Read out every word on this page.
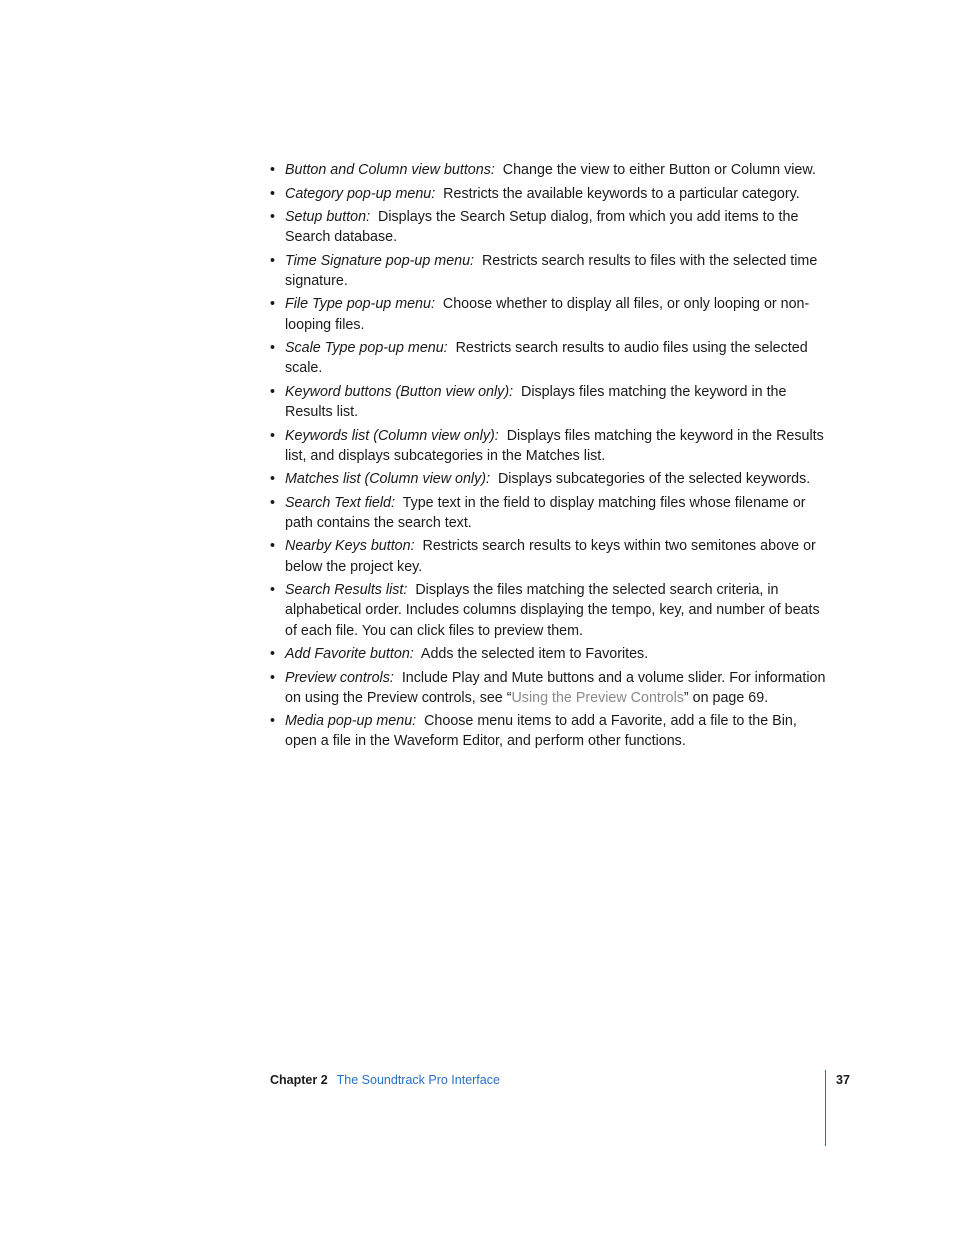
• Button and Column view buttons: Change the view to either Button or Column view.
• Category pop-up menu: Restricts the available keywords to a particular category.
• Setup button: Displays the Search Setup dialog, from which you add items to the Search database.
• Time Signature pop-up menu: Restricts search results to files with the selected time signature.
• File Type pop-up menu: Choose whether to display all files, or only looping or non-looping files.
• Scale Type pop-up menu: Restricts search results to audio files using the selected scale.
• Keyword buttons (Button view only): Displays files matching the keyword in the Results list.
• Keywords list (Column view only): Displays files matching the keyword in the Results list, and displays subcategories in the Matches list.
• Matches list (Column view only): Displays subcategories of the selected keywords.
• Search Text field: Type text in the field to display matching files whose filename or path contains the search text.
• Nearby Keys button: Restricts search results to keys within two semitones above or below the project key.
• Search Results list: Displays the files matching the selected search criteria, in alphabetical order. Includes columns displaying the tempo, key, and number of beats of each file. You can click files to preview them.
• Add Favorite button: Adds the selected item to Favorites.
• Preview controls: Include Play and Mute buttons and a volume slider. For information on using the Preview controls, see “Using the Preview Controls” on page 69.
• Media pop-up menu: Choose menu items to add a Favorite, add a file to the Bin, open a file in the Waveform Editor, and perform other functions.
Chapter 2 The Soundtrack Pro Interface	37
